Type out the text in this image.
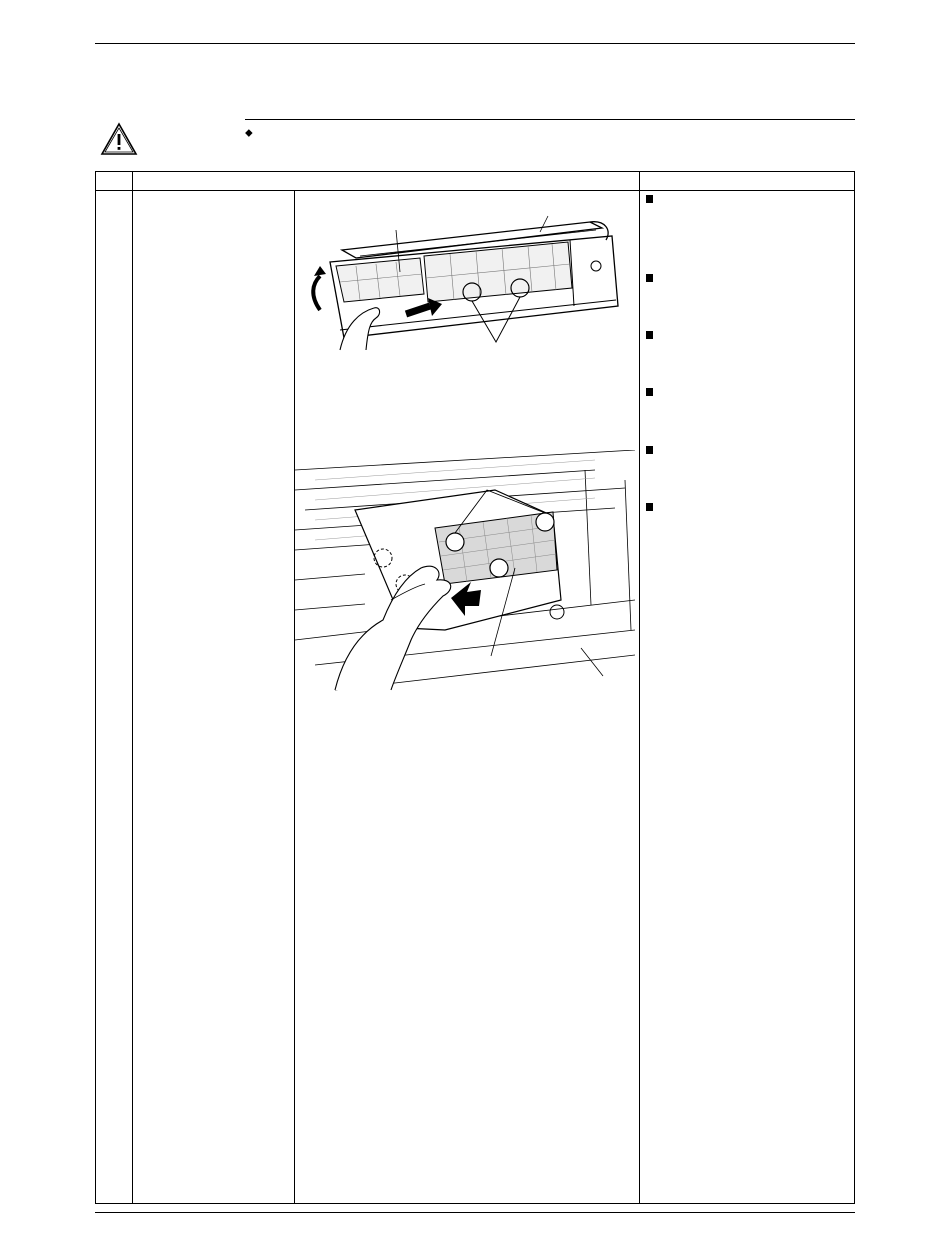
⬥
